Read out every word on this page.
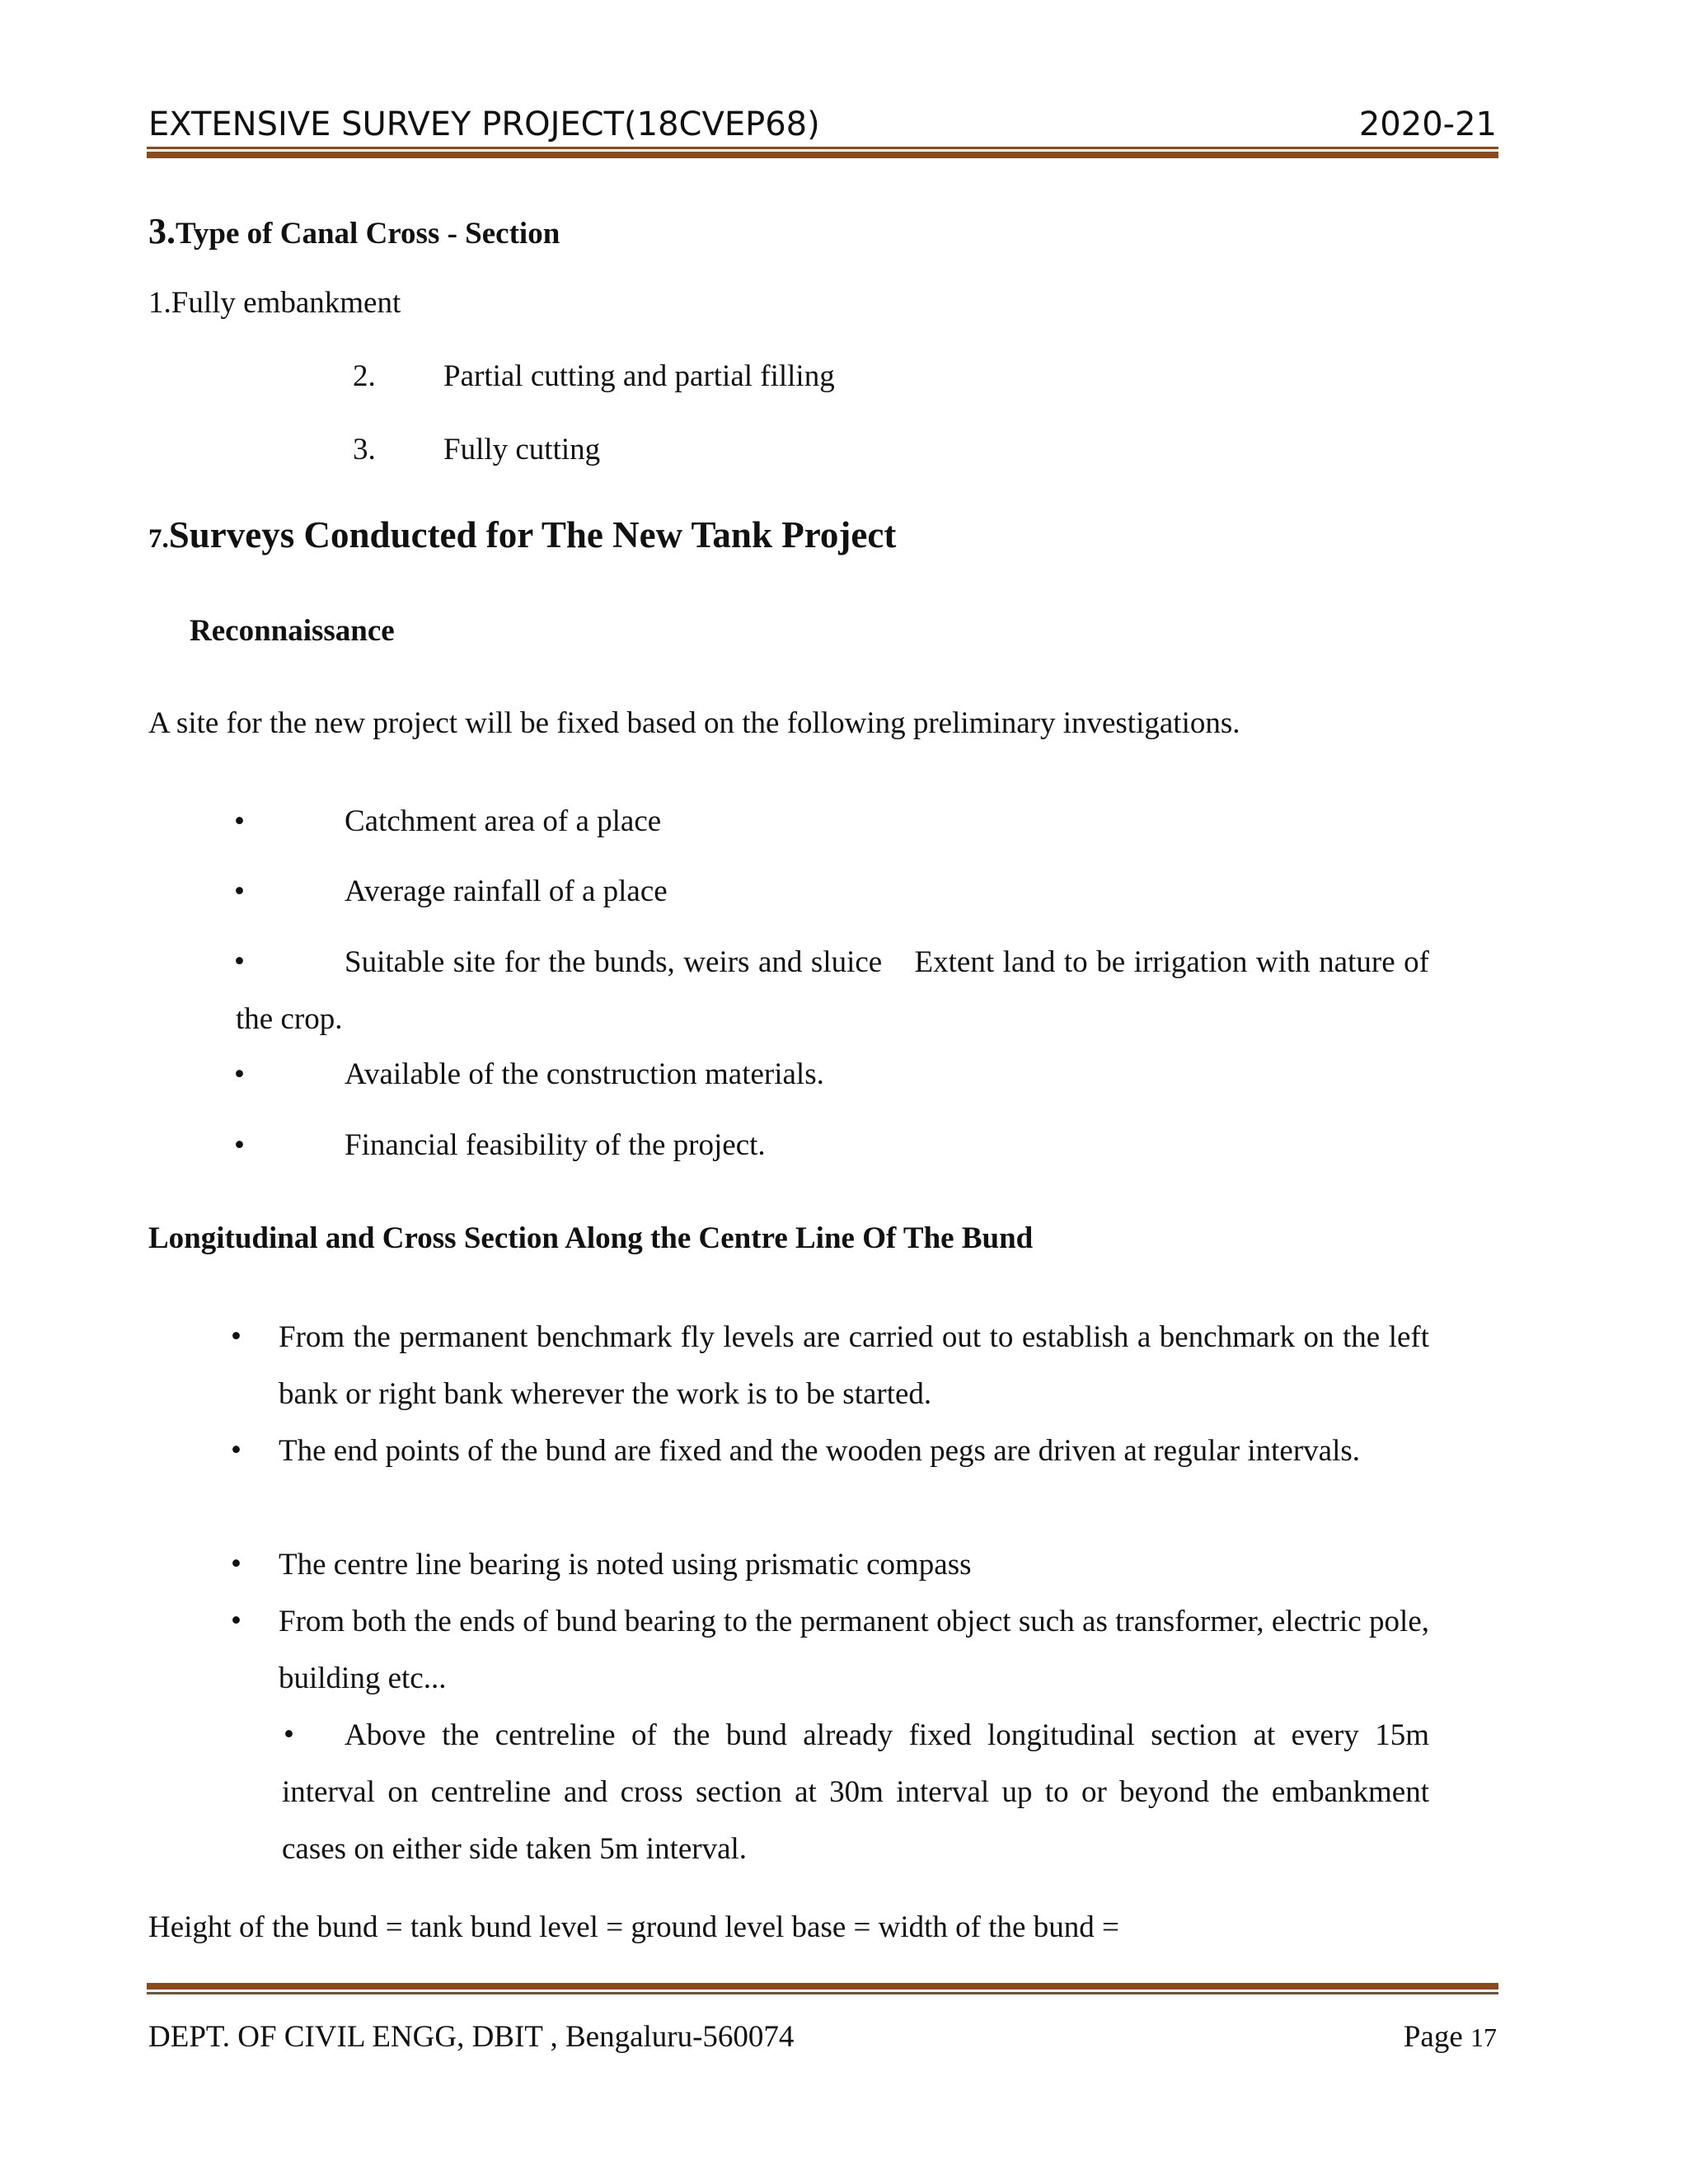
EXTENSIVE SURVEY PROJECT(18CVEP68)	2020-21
3.Type of Canal Cross - Section
1.Fully embankment
2. Partial cutting and partial filling
3. Fully cutting
7.Surveys Conducted for The New Tank Project
Reconnaissance
A site for the new project will be fixed based on the following preliminary investigations.
•	Catchment area of a place
•	Average rainfall of a place
•	Suitable site for the bunds, weirs and sluice Extent land to be irrigation with nature of the crop.
•	Available of the construction materials.
•	Financial feasibility of the project.
Longitudinal and Cross Section Along the Centre Line Of The Bund
• From the permanent benchmark fly levels are carried out to establish a benchmark on the left bank or right bank wherever the work is to be started.
• The end points of the bund are fixed and the wooden pegs are driven at regular intervals.
• The centre line bearing is noted using prismatic compass
• From both the ends of bund bearing to the permanent object such as transformer, electric pole, building etc...
•	Above the centreline of the bund already fixed longitudinal section at every 15m interval on centreline and cross section at 30m interval up to or beyond the embankment cases on either side taken 5m interval.
Height of the bund = tank bund level = ground level base = width of the bund =
DEPT. OF CIVIL ENGG, DBIT , Bengaluru-560074	Page 17
